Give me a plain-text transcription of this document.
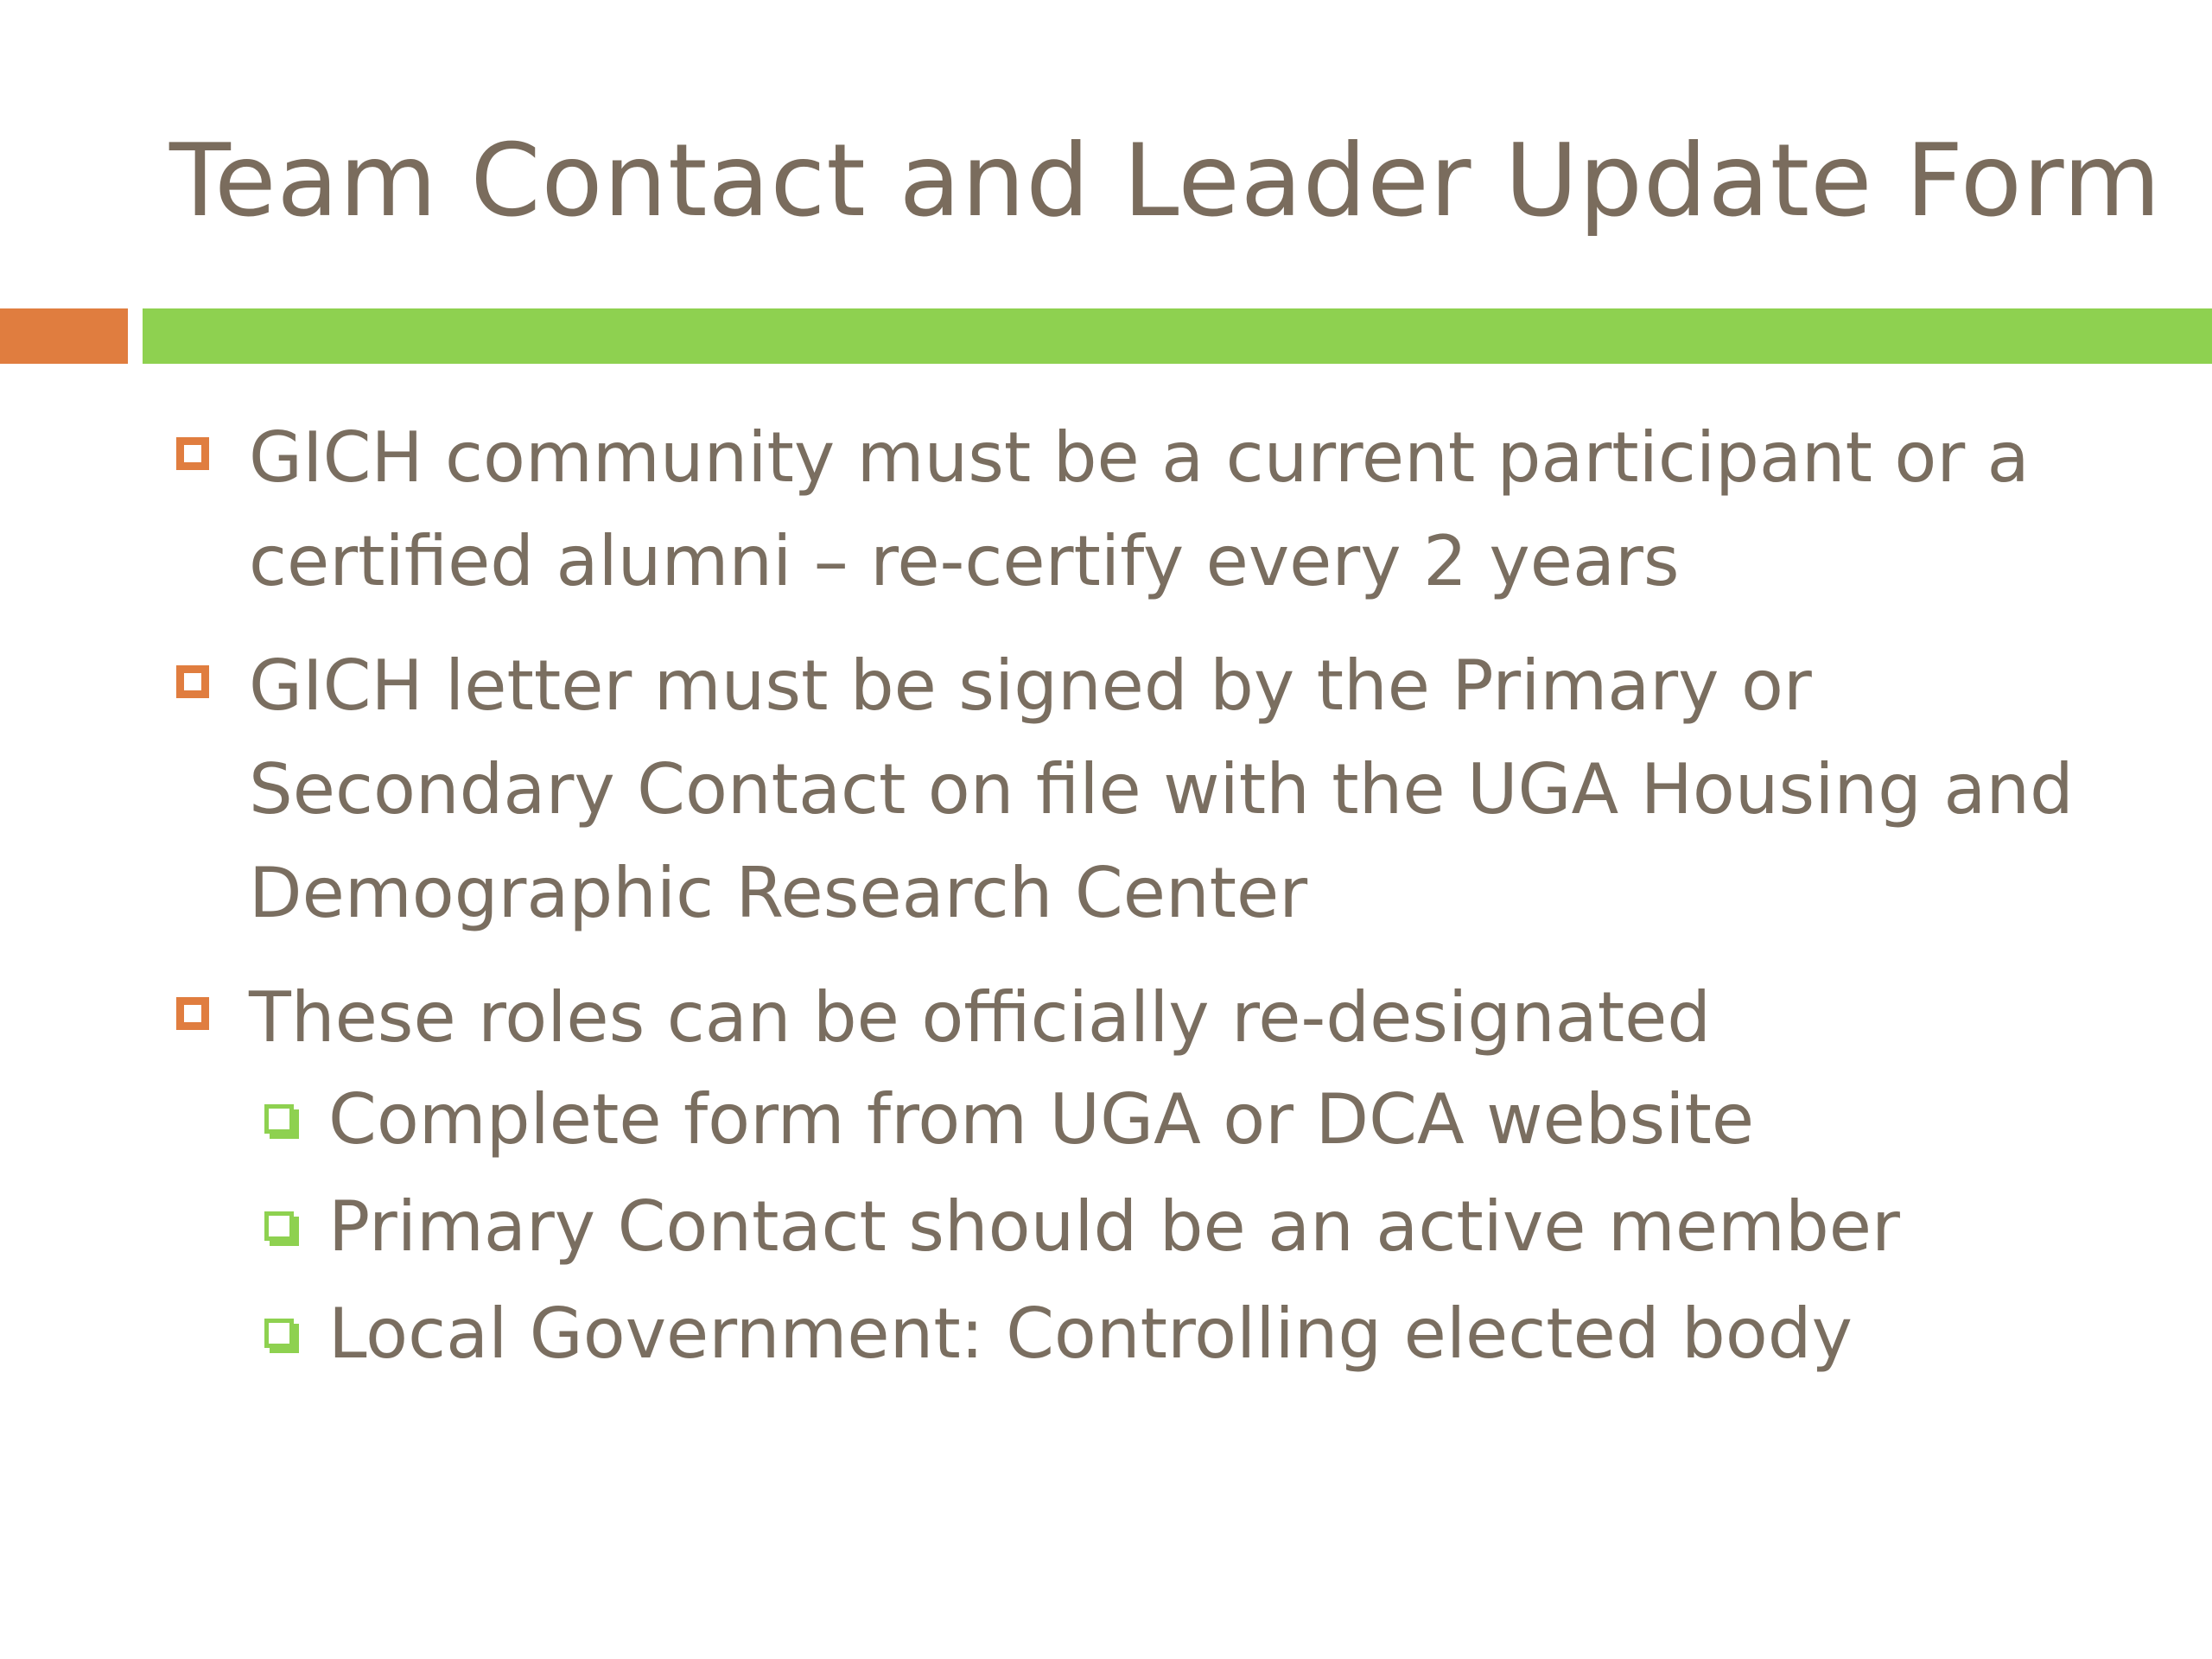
Team Contact and Leader Update Form
GICH community must be a current participant or a certified alumni – re-certify every 2 years
GICH letter must be signed by the Primary or Secondary Contact on file with the UGA Housing and Demographic Research Center
These roles can be officially re-designated
Complete form from UGA or DCA website
Primary Contact should be an active member
Local Government: Controlling elected body
